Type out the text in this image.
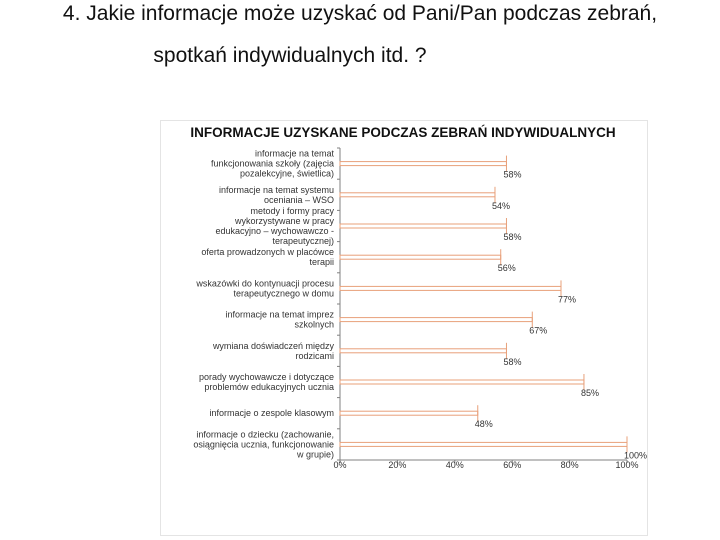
4. Jakie informacje może uzyskać od Pani/Pan podczas zebrań,
spotkań indywidualnych itd. ?
INFORMACJE UZYSKANE PODCZAS ZEBRAŃ INDYWIDUALNYCH
58%
informacje na temat funkcjonowania szkoły (zajęcia pozalekcyjne, świetlica)
54%
informacje na temat systemu oceniania – WSO
58%
metody i formy pracy wykorzystywane w pracy edukacyjno – wychowawczo -terapeutycznej)
56%
oferta prowadzonych w placówce terapii
77%
wskazówki do kontynuacji procesu terapeutycznego w domu
67%
informacje na temat imprez szkolnych
58%
wymiana doświadczeń między rodzicami
85%
porady wychowawcze i dotyczące problemów edukacyjnych ucznia
48%
informacje o zespole klasowym
100%
informacje o dziecku (zachowanie, osiągnięcia ucznia, funkcjonowanie w grupie)
0%	20%	40%	60%	80%	100%
